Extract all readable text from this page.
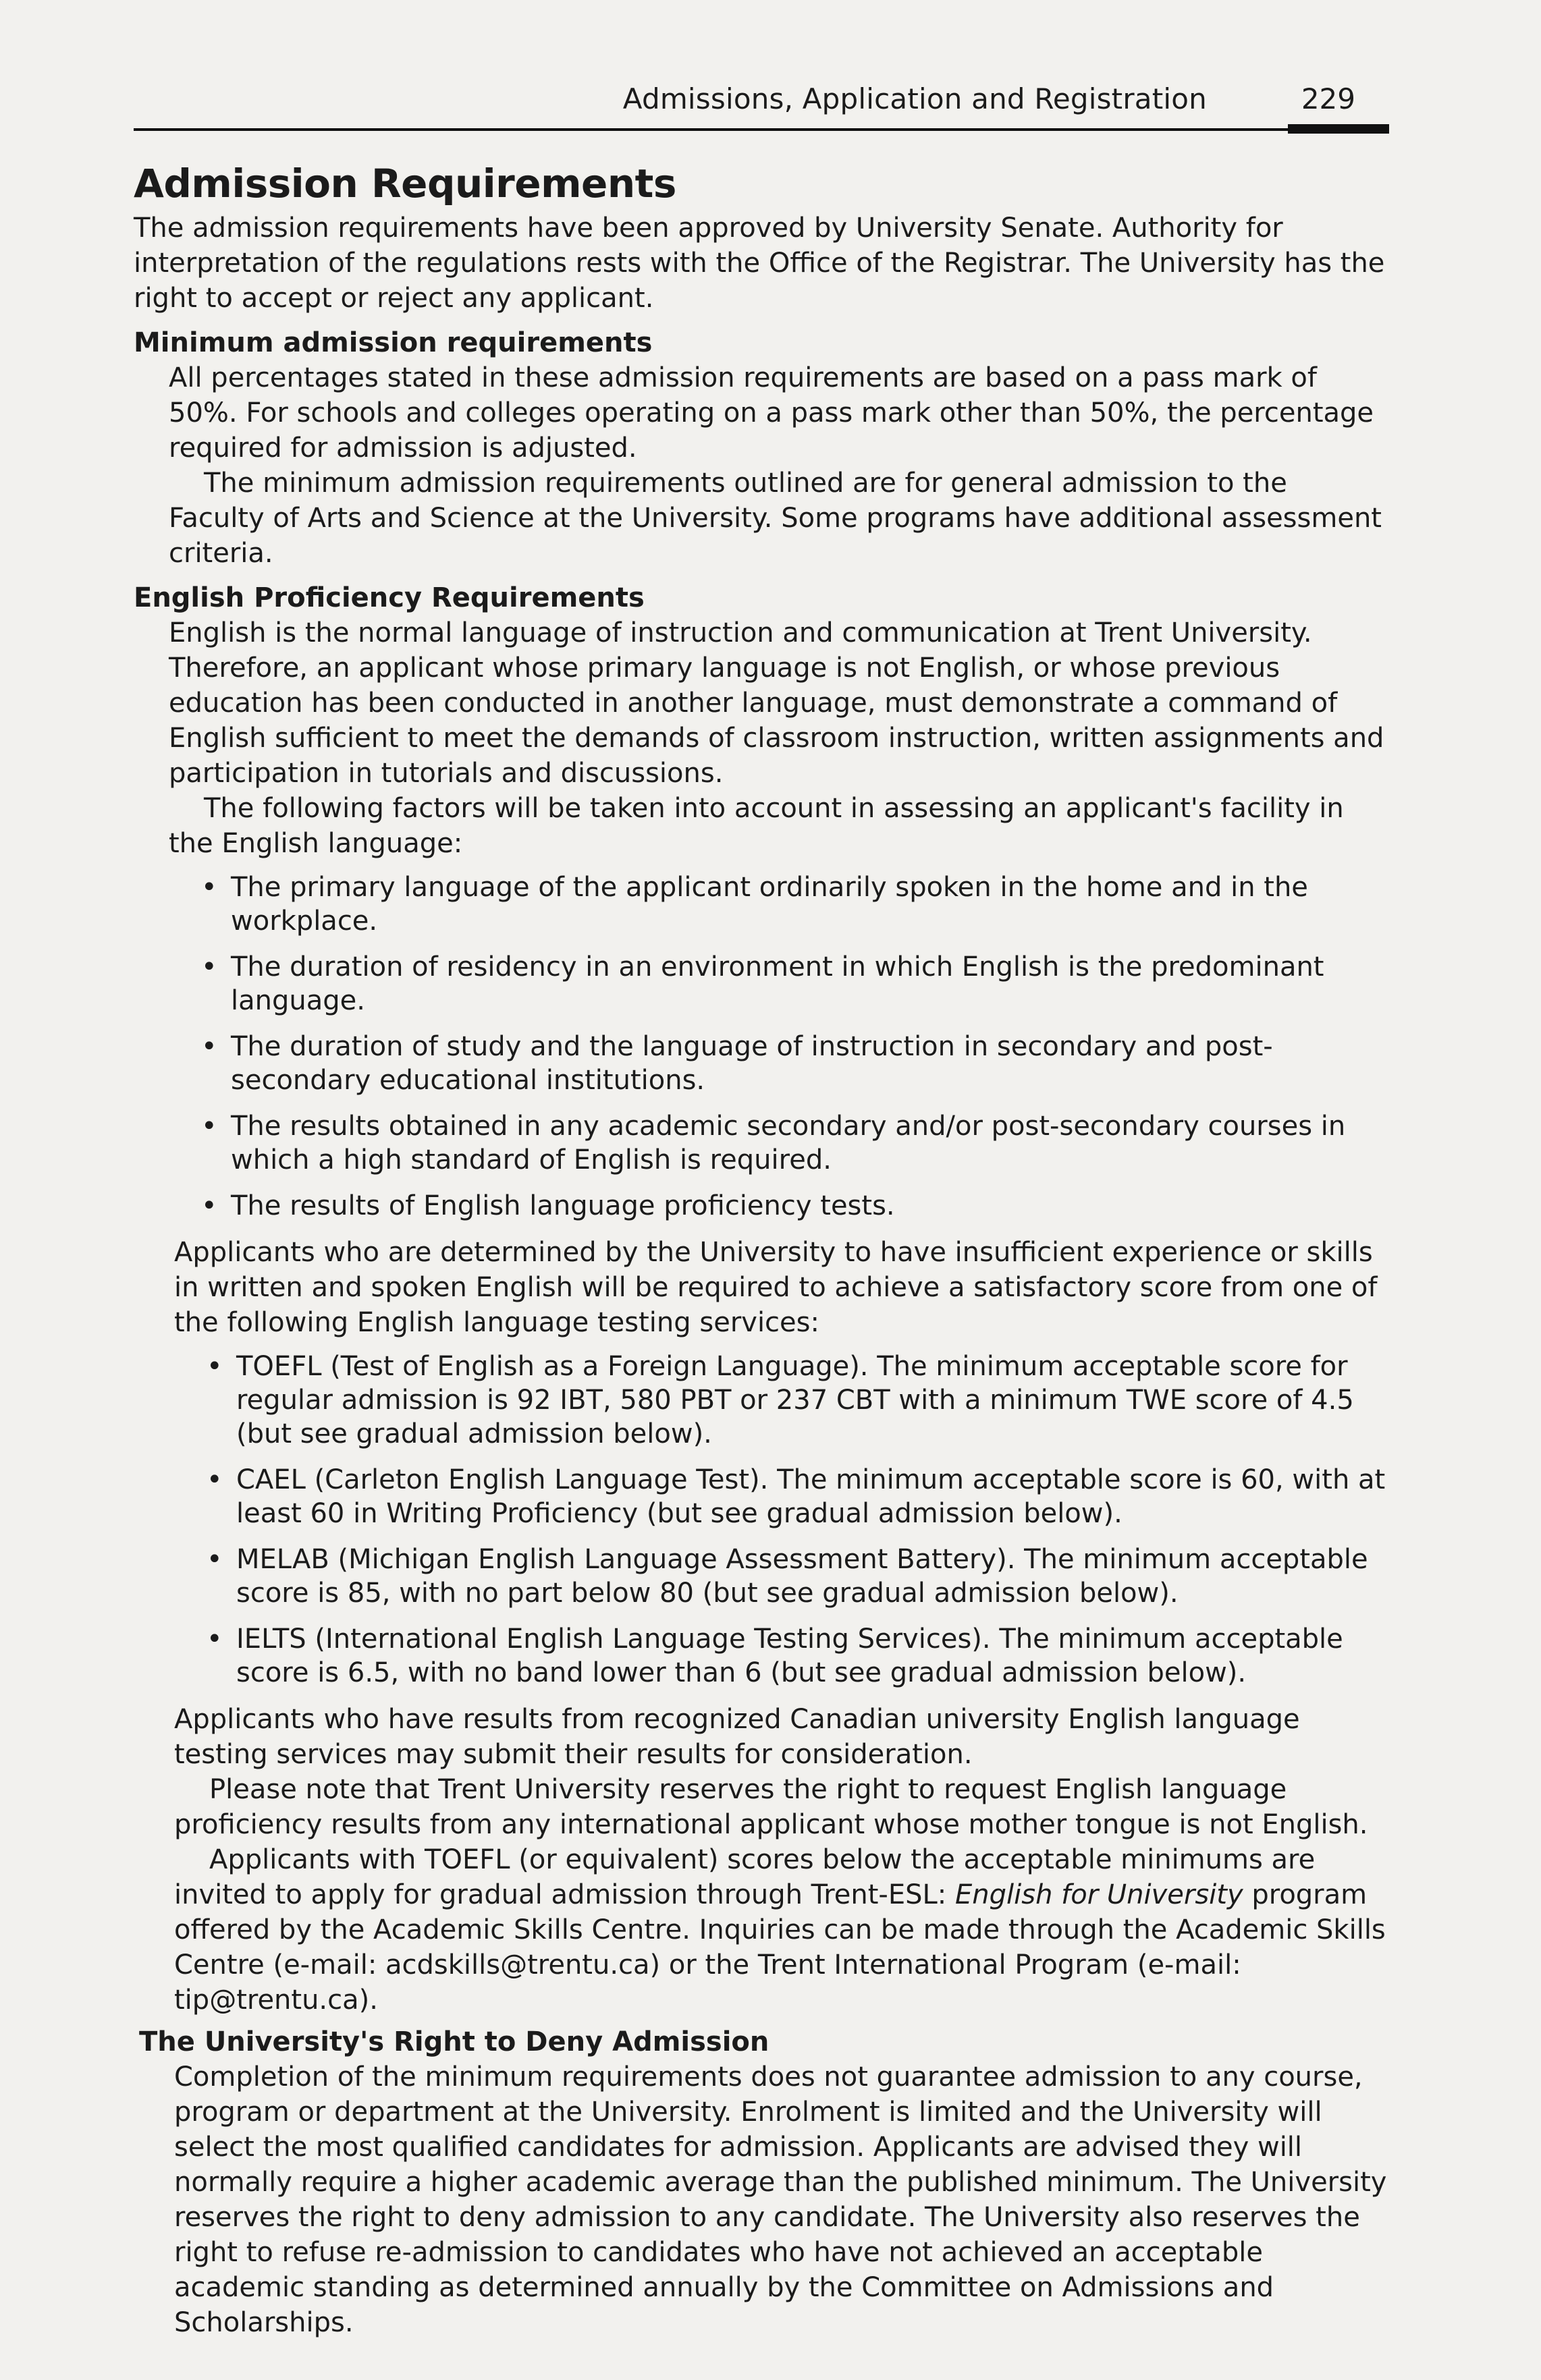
Admissions, Application and Registration	229
Admission Requirements

The admission requirements have been approved by University Senate. Authority for interpretation of the regulations rests with the Office of the Registrar. The University has the right to accept or reject any applicant.

Minimum admission requirements

All percentages stated in these admission requirements are based on a pass mark of 50%. For schools and colleges operating on a pass mark other than 50%, the percentage required for admission is adjusted.

The minimum admission requirements outlined are for general admission to the Faculty of Arts and Science at the University. Some programs have additional assessment criteria.

English Proficiency Requirements

English is the normal language of instruction and communication at Trent University. Therefore, an applicant whose primary language is not English, or whose previous education has been conducted in another language, must demonstrate a command of English sufficient to meet the demands of classroom instruction, written assignments and participation in tutorials and discussions.

The following factors will be taken into account in assessing an applicant's facility in the English language:

• The primary language of the applicant ordinarily spoken in the home and in the workplace.
• The duration of residency in an environment in which English is the predominant language.
• The duration of study and the language of instruction in secondary and post-secondary educational institutions.
• The results obtained in any academic secondary and/or post-secondary courses in which a high standard of English is required.
• The results of English language proficiency tests.

Applicants who are determined by the University to have insufficient experience or skills in written and spoken English will be required to achieve a satisfactory score from one of the following English language testing services:

• TOEFL (Test of English as a Foreign Language). The minimum acceptable score for regular admission is 92 IBT, 580 PBT or 237 CBT with a minimum TWE score of 4.5 (but see gradual admission below).
• CAEL (Carleton English Language Test). The minimum acceptable score is 60, with at least 60 in Writing Proficiency (but see gradual admission below).
• MELAB (Michigan English Language Assessment Battery). The minimum acceptable score is 85, with no part below 80 (but see gradual admission below).
• IELTS (International English Language Testing Services). The minimum acceptable score is 6.5, with no band lower than 6 (but see gradual admission below).

Applicants who have results from recognized Canadian university English language testing services may submit their results for consideration.

Please note that Trent University reserves the right to request English language proficiency results from any international applicant whose mother tongue is not English.

Applicants with TOEFL (or equivalent) scores below the acceptable minimums are invited to apply for gradual admission through Trent-ESL: English for University program offered by the Academic Skills Centre. Inquiries can be made through the Academic Skills Centre (e-mail: acdskills@trentu.ca) or the Trent International Program (e-mail: tip@trentu.ca).

The University's Right to Deny Admission

Completion of the minimum requirements does not guarantee admission to any course, program or department at the University. Enrolment is limited and the University will select the most qualified candidates for admission. Applicants are advised they will normally require a higher academic average than the published minimum. The University reserves the right to deny admission to any candidate. The University also reserves the right to refuse re-admission to candidates who have not achieved an acceptable academic standing as determined annually by the Committee on Admissions and Scholarships.
